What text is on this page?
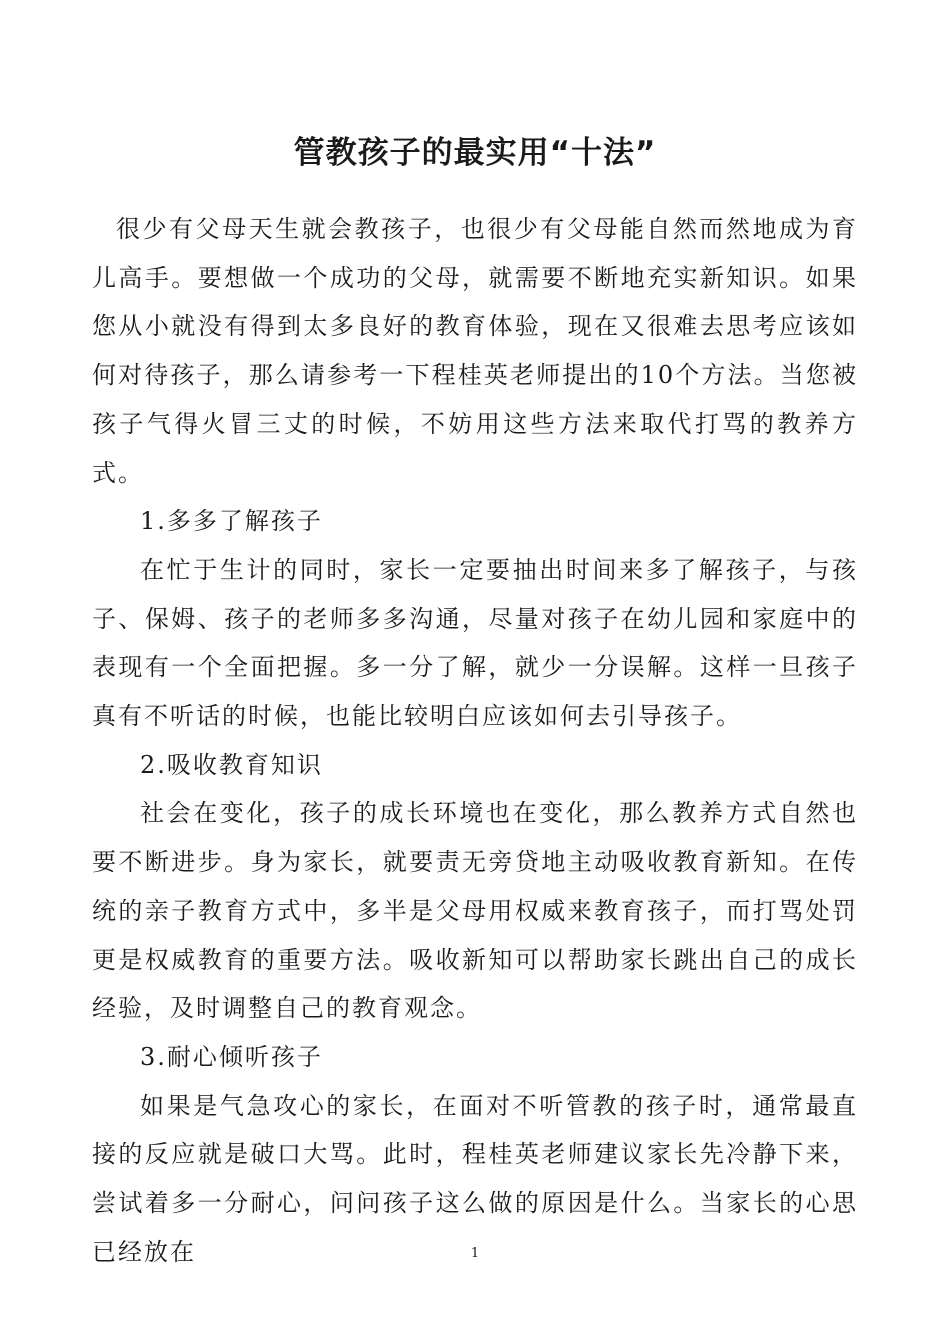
管教孩子的最实用“十法”

很少有父母天生就会教孩子，也很少有父母能自然而然地成为育儿高手。要想做一个成功的父母，就需要不断地充实新知识。如果您从小就没有得到太多良好的教育体验，现在又很难去思考应该如何对待孩子，那么请参考一下程桂英老师提出的10个方法。当您被孩子气得火冒三丈的时候，不妨用这些方法来取代打骂的教养方式。

1.多多了解孩子

在忙于生计的同时，家长一定要抽出时间来多了解孩子，与孩子、保姆、孩子的老师多多沟通，尽量对孩子在幼儿园和家庭中的表现有一个全面把握。多一分了解，就少一分误解。这样一旦孩子真有不听话的时候，也能比较明白应该如何去引导孩子。

2.吸收教育知识

社会在变化，孩子的成长环境也在变化，那么教养方式自然也要不断进步。身为家长，就要责无旁贷地主动吸收教育新知。在传统的亲子教育方式中，多半是父母用权威来教育孩子，而打骂处罚更是权威教育的重要方法。吸收新知可以帮助家长跳出自己的成长经验，及时调整自己的教育观念。

3.耐心倾听孩子

如果是气急攻心的家长，在面对不听管教的孩子时，通常最直接的反应就是破口大骂。此时，程桂英老师建议家长先冷静下来，尝试着多一分耐心，问问孩子这么做的原因是什么。当家长的心思已经放在	1
